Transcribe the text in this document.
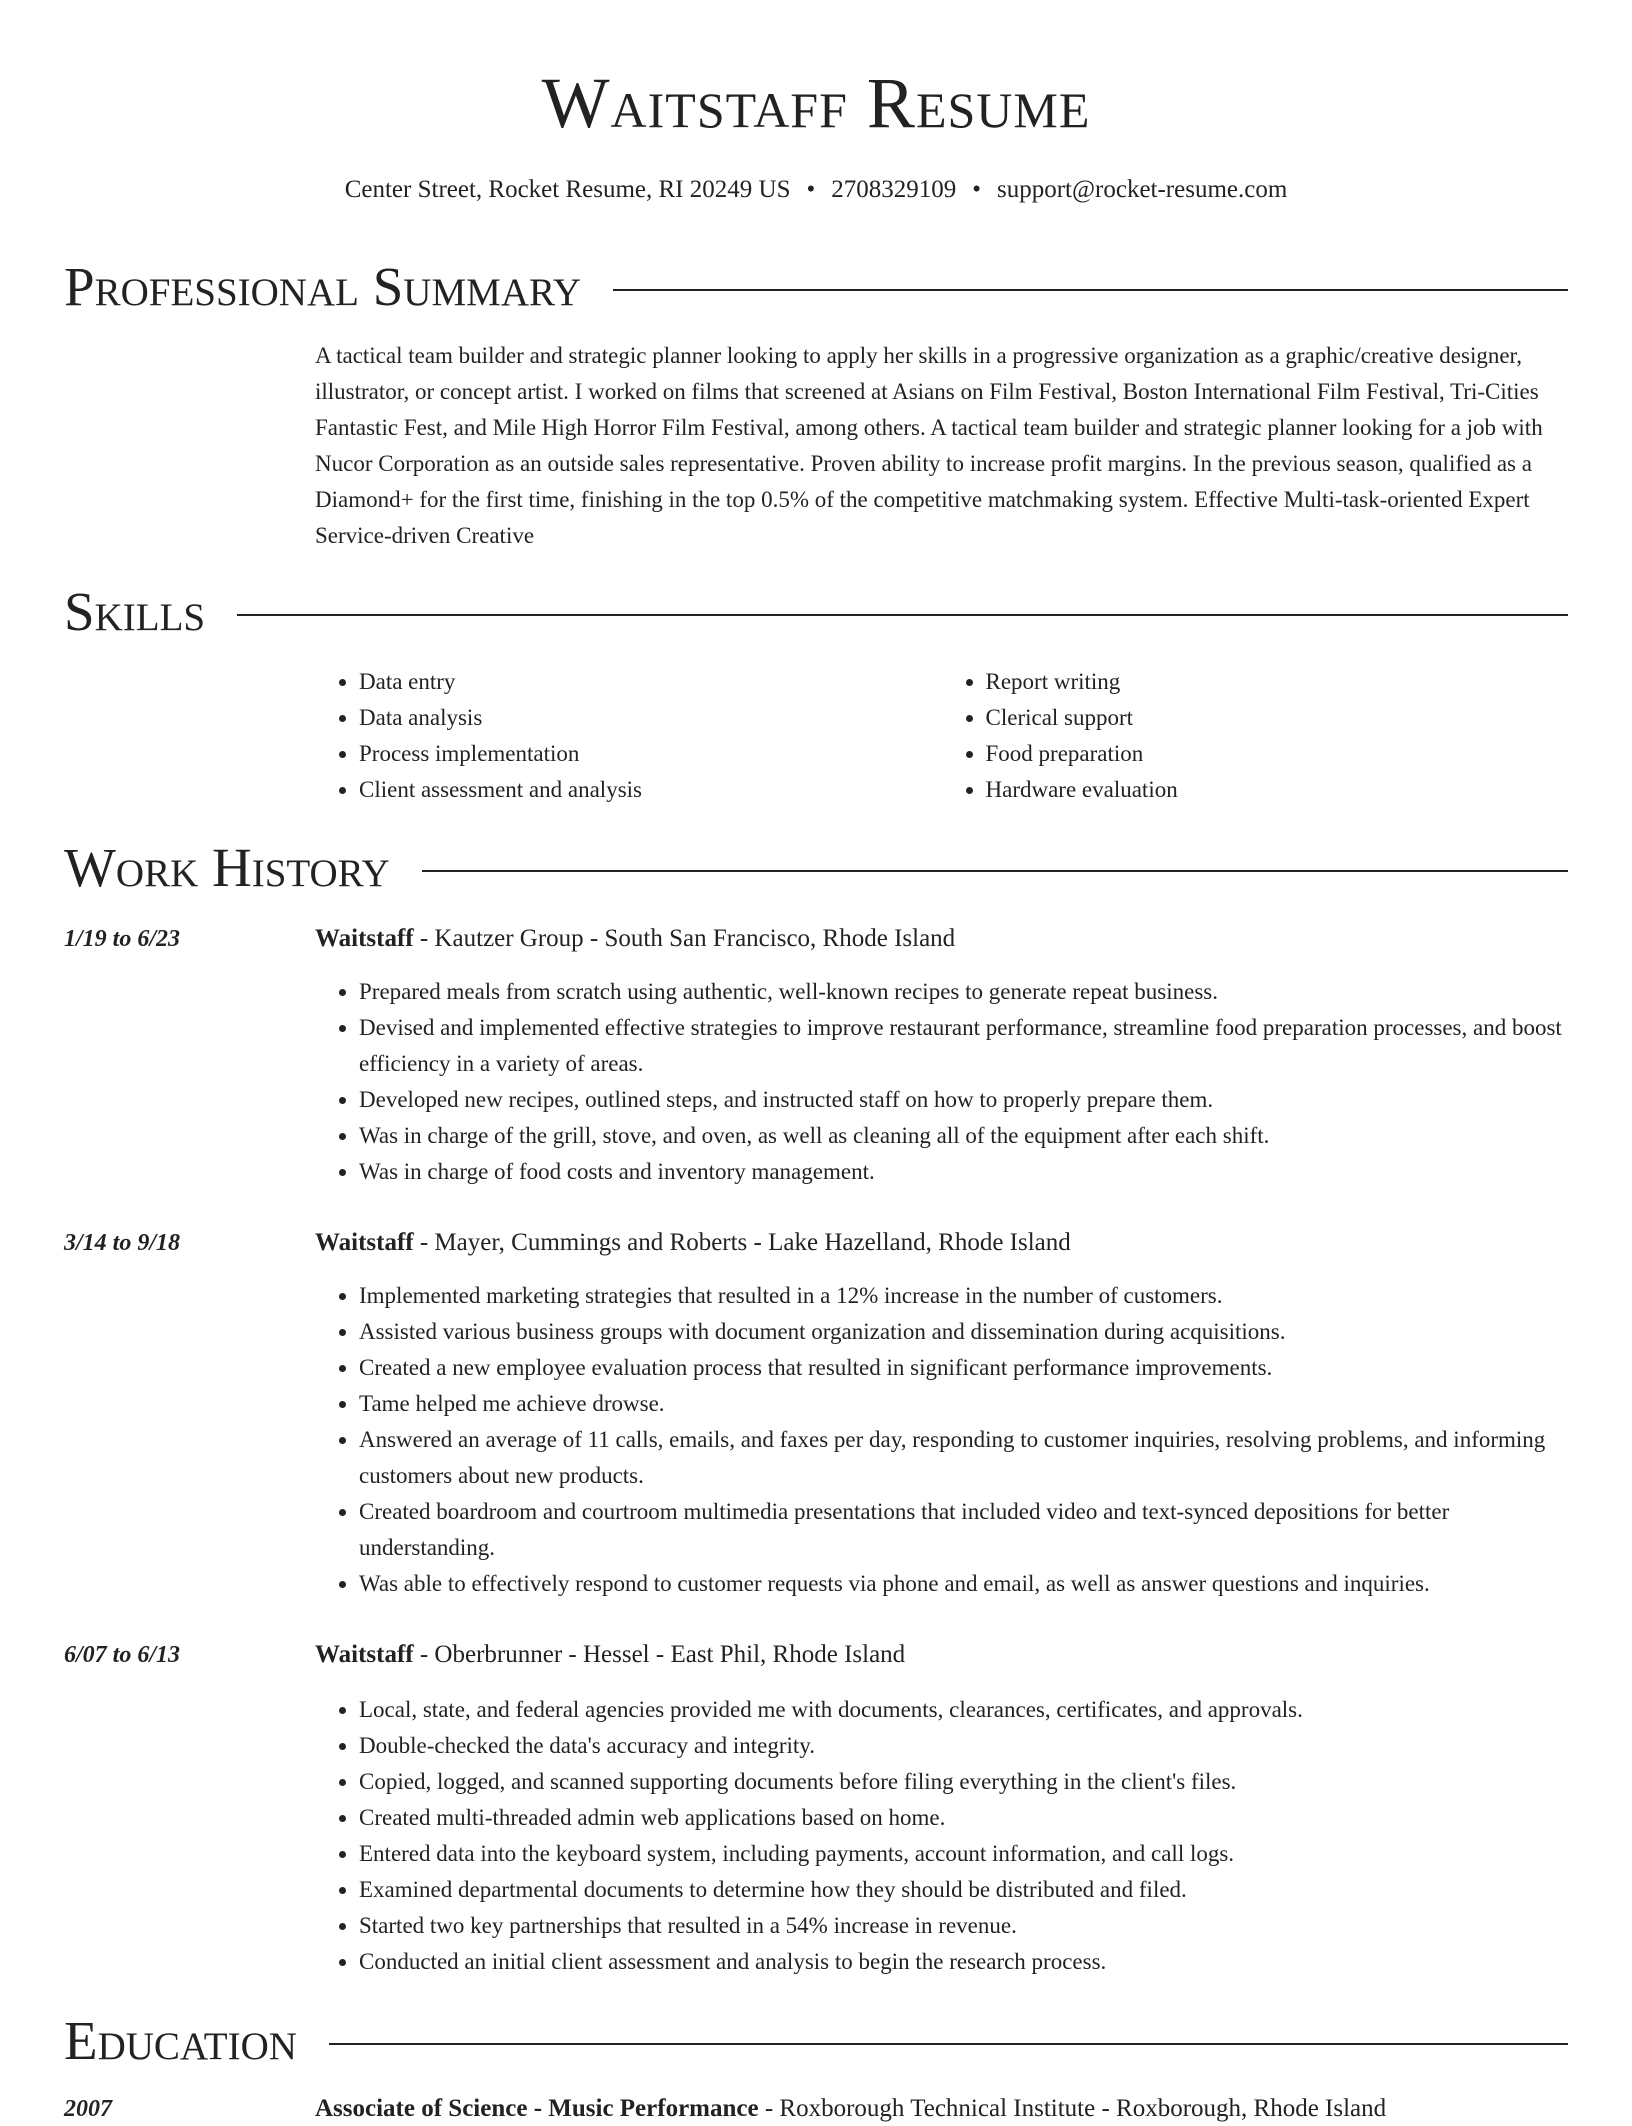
Waitstaff Resume
Center Street, Rocket Resume, RI 20249 US • 2708329109 • support@rocket-resume.com
Professional Summary
A tactical team builder and strategic planner looking to apply her skills in a progressive organization as a graphic/creative designer, illustrator, or concept artist. I worked on films that screened at Asians on Film Festival, Boston International Film Festival, Tri-Cities Fantastic Fest, and Mile High Horror Film Festival, among others. A tactical team builder and strategic planner looking for a job with Nucor Corporation as an outside sales representative. Proven ability to increase profit margins. In the previous season, qualified as a Diamond+ for the first time, finishing in the top 0.5% of the competitive matchmaking system. Effective Multi-task-oriented Expert Service-driven Creative
Skills
• Data entry
• Data analysis
• Process implementation
• Client assessment and analysis
• Report writing
• Clerical support
• Food preparation
• Hardware evaluation
Work History
1/19 to 6/23	Waitstaff - Kautzer Group - South San Francisco, Rhode Island
• Prepared meals from scratch using authentic, well-known recipes to generate repeat business.
• Devised and implemented effective strategies to improve restaurant performance, streamline food preparation processes, and boost efficiency in a variety of areas.
• Developed new recipes, outlined steps, and instructed staff on how to properly prepare them.
• Was in charge of the grill, stove, and oven, as well as cleaning all of the equipment after each shift.
• Was in charge of food costs and inventory management.
3/14 to 9/18	Waitstaff - Mayer, Cummings and Roberts - Lake Hazelland, Rhode Island
• Implemented marketing strategies that resulted in a 12% increase in the number of customers.
• Assisted various business groups with document organization and dissemination during acquisitions.
• Created a new employee evaluation process that resulted in significant performance improvements.
• Tame helped me achieve drowse.
• Answered an average of 11 calls, emails, and faxes per day, responding to customer inquiries, resolving problems, and informing customers about new products.
• Created boardroom and courtroom multimedia presentations that included video and text-synced depositions for better understanding.
• Was able to effectively respond to customer requests via phone and email, as well as answer questions and inquiries.
6/07 to 6/13	Waitstaff - Oberbrunner - Hessel - East Phil, Rhode Island
• Local, state, and federal agencies provided me with documents, clearances, certificates, and approvals.
• Double-checked the data's accuracy and integrity.
• Copied, logged, and scanned supporting documents before filing everything in the client's files.
• Created multi-threaded admin web applications based on home.
• Entered data into the keyboard system, including payments, account information, and call logs.
• Examined departmental documents to determine how they should be distributed and filed.
• Started two key partnerships that resulted in a 54% increase in revenue.
• Conducted an initial client assessment and analysis to begin the research process.
Education
2007	Associate of Science - Music Performance - Roxborough Technical Institute - Roxborough, Rhode Island
